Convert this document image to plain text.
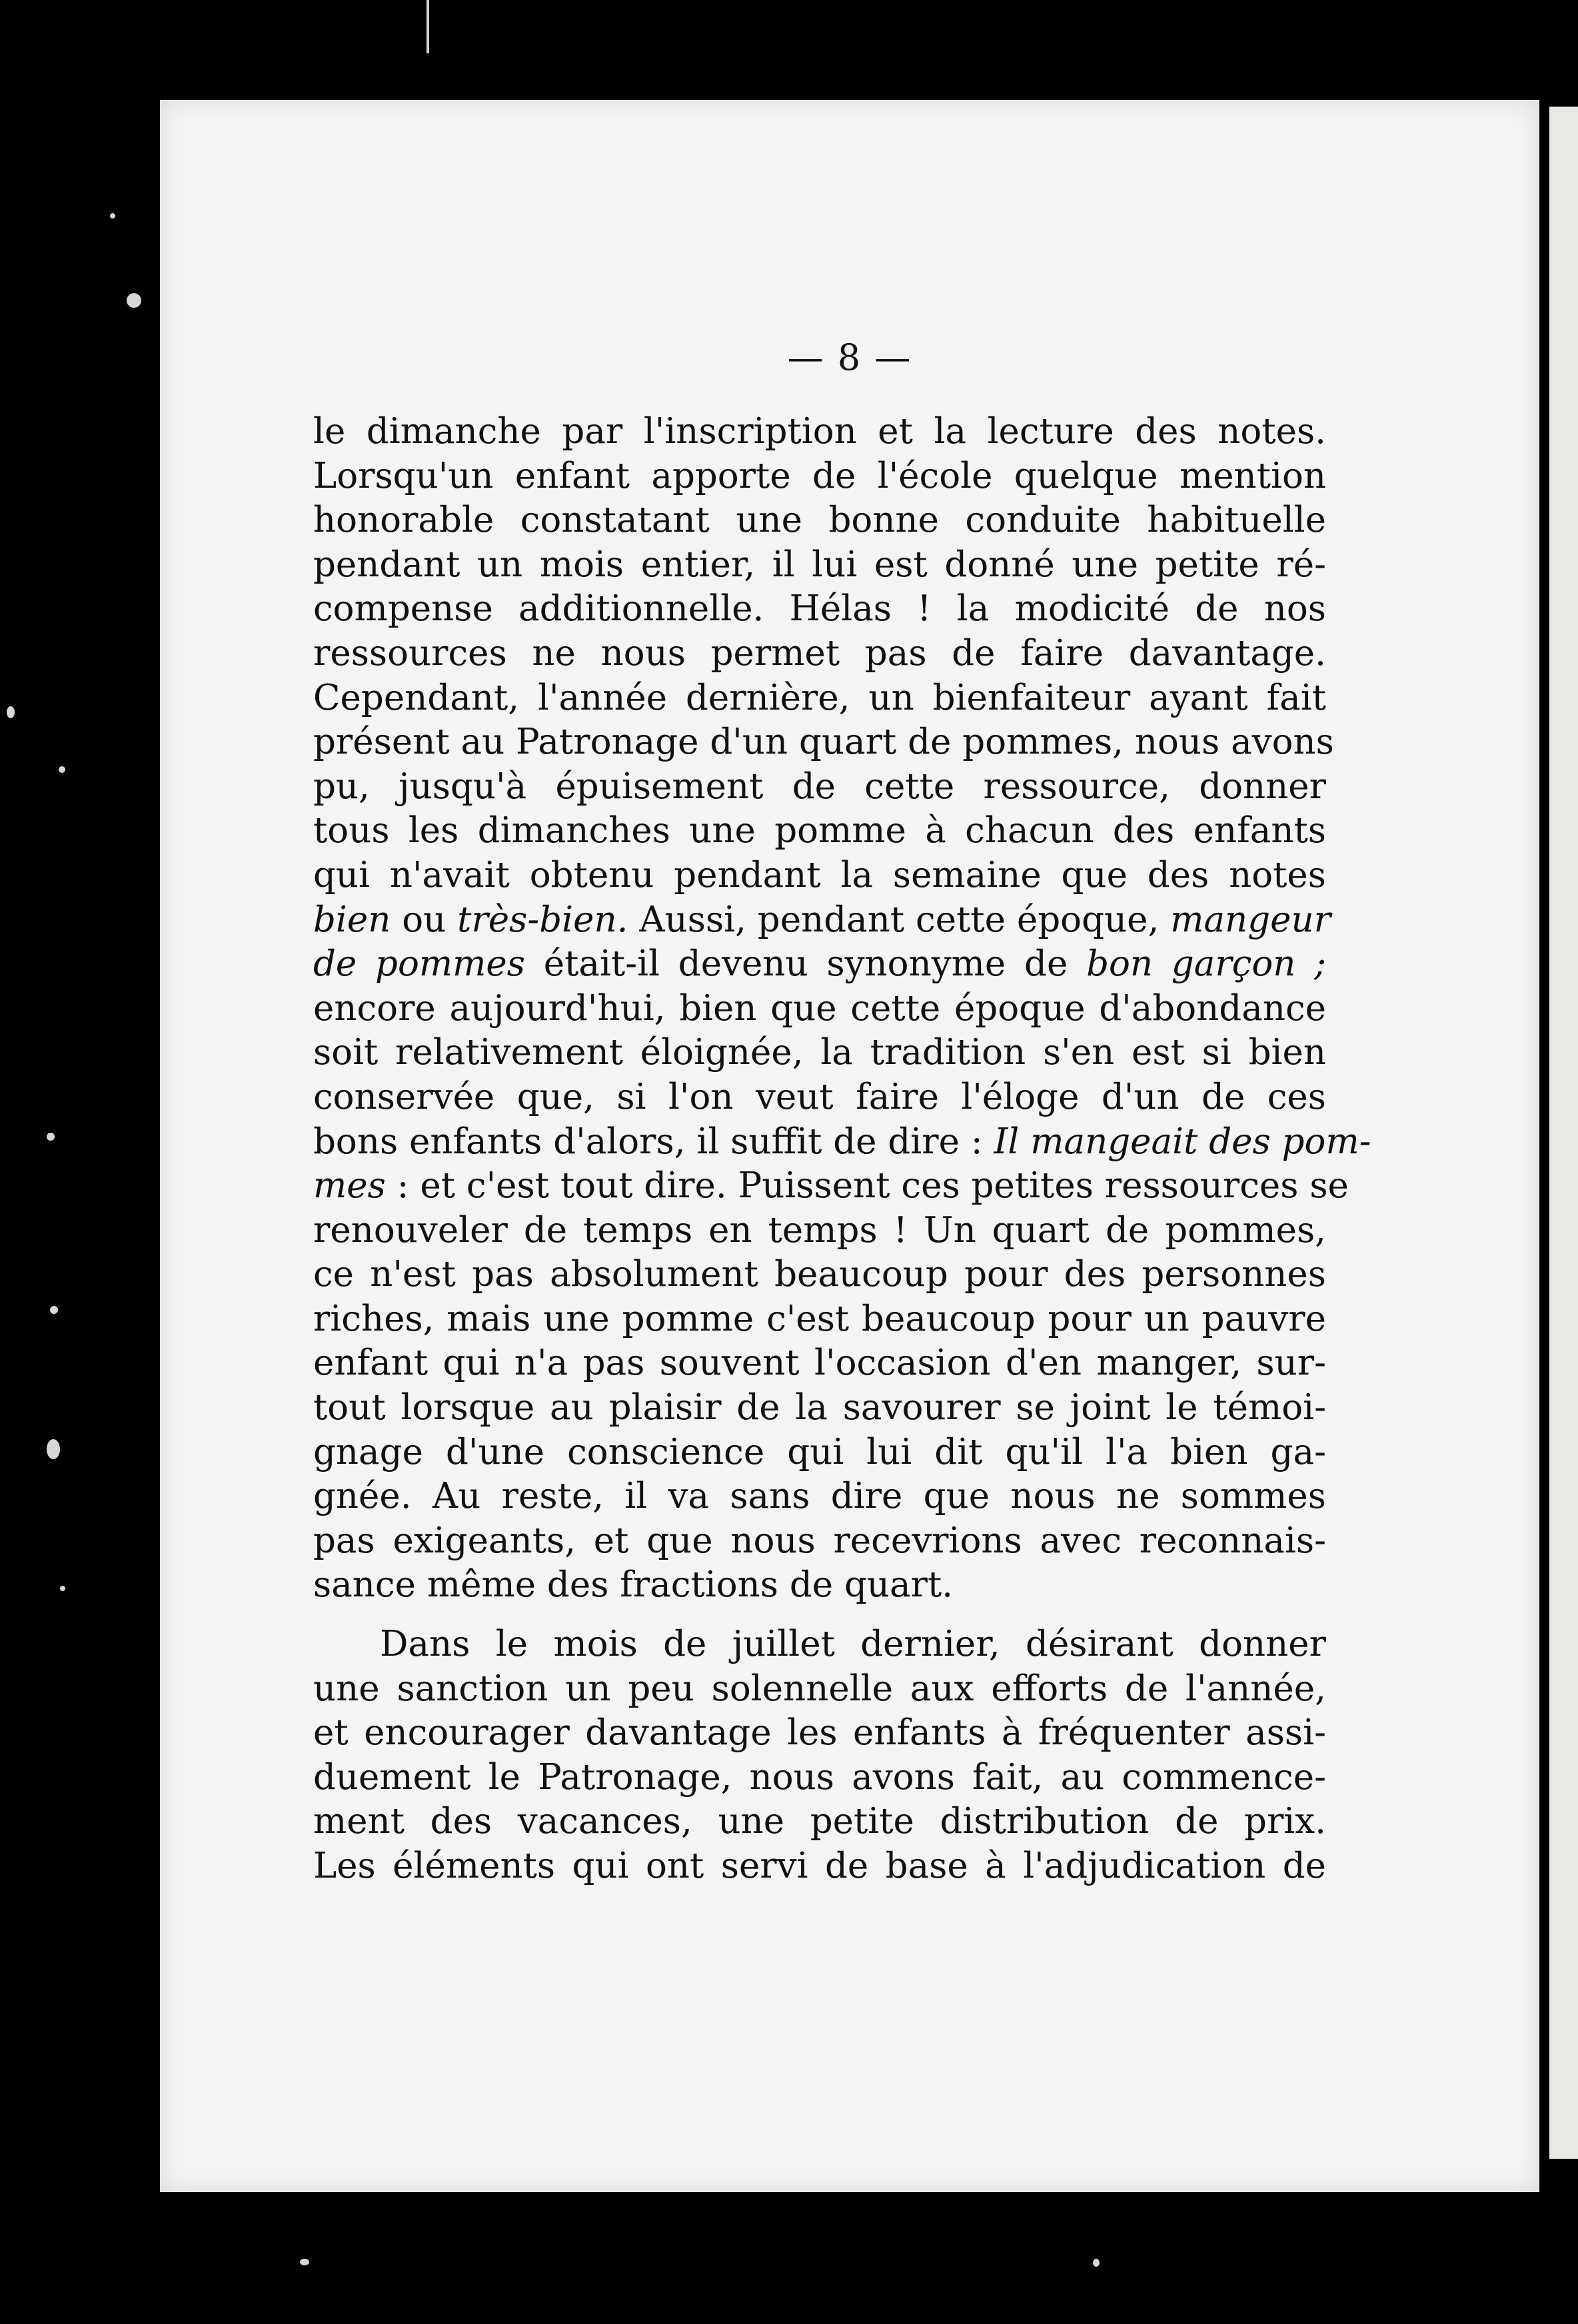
— 8 —
le dimanche par l'inscription et la lecture des notes.
Lorsqu'un enfant apporte de l'école quelque mention
honorable constatant une bonne conduite habituelle
pendant un mois entier, il lui est donné une petite ré-
compense additionnelle. Hélas ! la modicité de nos
ressources ne nous permet pas de faire davantage.
Cependant, l'année dernière, un bienfaiteur ayant fait
présent au Patronage d'un quart de pommes, nous avons
pu, jusqu'à épuisement de cette ressource, donner
tous les dimanches une pomme à chacun des enfants
qui n'avait obtenu pendant la semaine que des notes
bien ou très-bien. Aussi, pendant cette époque, mangeur
de pommes était-il devenu synonyme de bon garçon ;
encore aujourd'hui, bien que cette époque d'abondance
soit relativement éloignée, la tradition s'en est si bien
conservée que, si l'on veut faire l'éloge d'un de ces
bons enfants d'alors, il suffit de dire : Il mangeait des pom-
mes : et c'est tout dire. Puissent ces petites ressources se
renouveler de temps en temps ! Un quart de pommes,
ce n'est pas absolument beaucoup pour des personnes
riches, mais une pomme c'est beaucoup pour un pauvre
enfant qui n'a pas souvent l'occasion d'en manger, sur-
tout lorsque au plaisir de la savourer se joint le témoi-
gnage d'une conscience qui lui dit qu'il l'a bien ga-
gnée. Au reste, il va sans dire que nous ne sommes
pas exigeants, et que nous recevrions avec reconnais-
sance même des fractions de quart.
Dans le mois de juillet dernier, désirant donner
une sanction un peu solennelle aux efforts de l'année,
et encourager davantage les enfants à fréquenter assi-
duement le Patronage, nous avons fait, au commence-
ment des vacances, une petite distribution de prix.
Les éléments qui ont servi de base à l'adjudication de
